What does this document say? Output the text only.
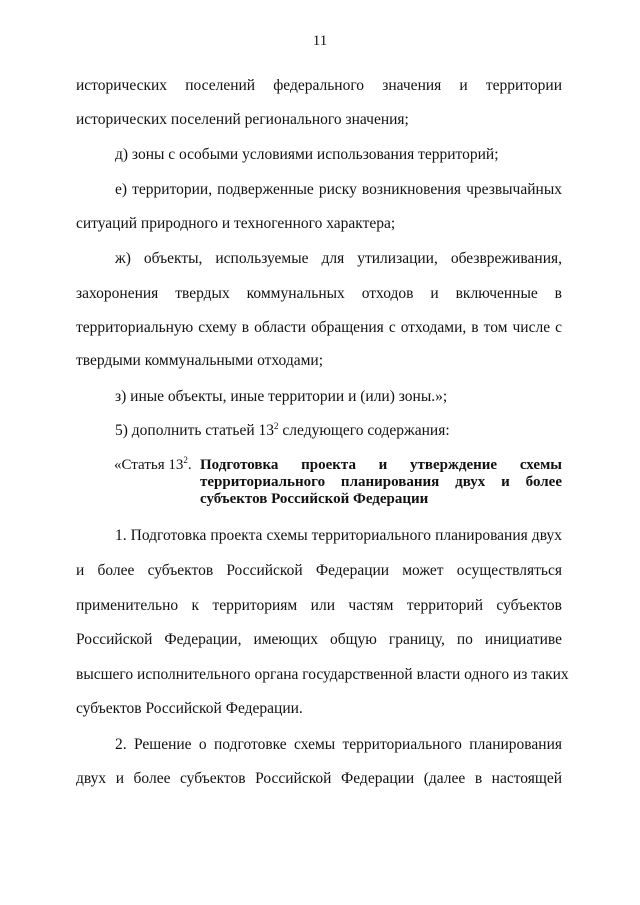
11
исторических поселений федерального значения и территории
исторических поселений регионального значения;
д) зоны с особыми условиями использования территорий;
е) территории, подверженные риску возникновения чрезвычайных
ситуаций природного и техногенного характера;
ж) объекты, используемые для утилизации, обезвреживания,
захоронения твердых коммунальных отходов и включенные в
территориальную схему в области обращения с отходами, в том числе с
твердыми коммунальными отходами;
з) иные объекты, иные территории и (или) зоны.»;
5) дополнить статьей $13^2$ следующего содержания:
«Статья $13^2$. Подготовка проекта и утверждение схемы
территориального планирования двух и более
субъектов Российской Федерации
1. Подготовка проекта схемы территориального планирования двух
и более субъектов Российской Федерации может осуществляться
применительно к территориям или частям территорий субъектов
Российской Федерации, имеющих общую границу, по инициативе
высшего исполнительного органа государственной власти одного из таких
субъектов Российской Федерации.
2. Решение о подготовке схемы территориального планирования
двух и более субъектов Российской Федерации (далее в настоящей
